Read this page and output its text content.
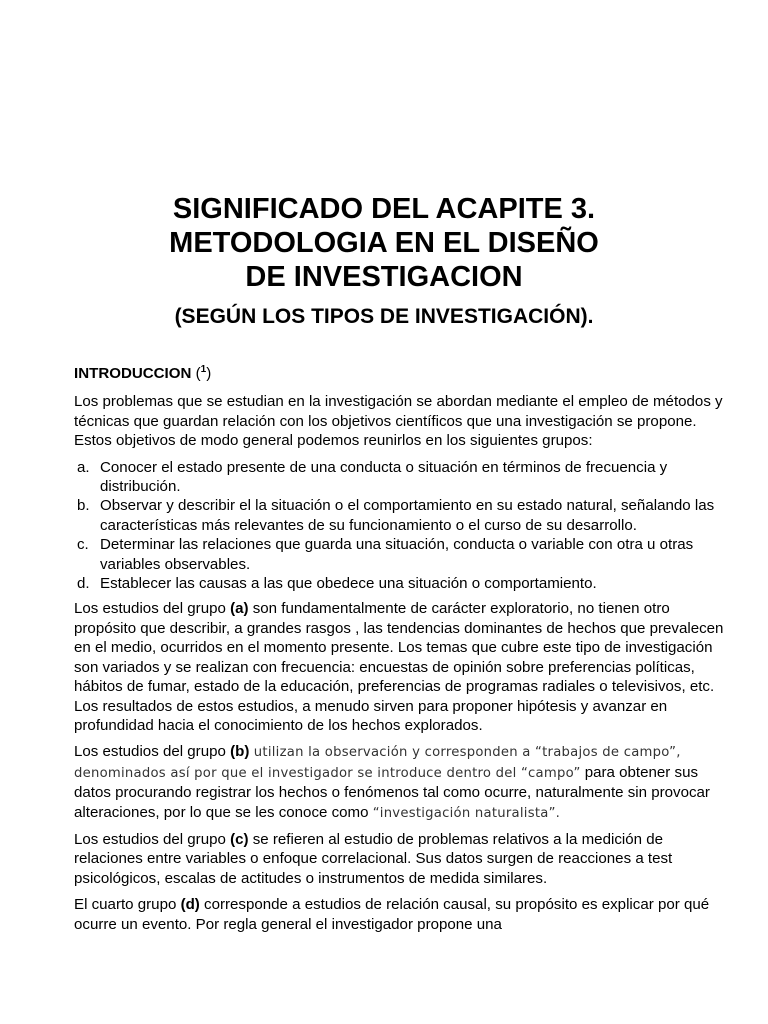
SIGNIFICADO DEL ACAPITE 3.
METODOLOGIA EN EL DISEÑO
DE INVESTIGACION
(SEGÚN LOS TIPOS DE INVESTIGACIÓN).
INTRODUCCION ($^1$)

Los problemas que se estudian en la investigación se abordan mediante el empleo de métodos y técnicas que guardan relación con los objetivos científicos que una investigación se propone. Estos objetivos de modo general podemos reunirlos en los siguientes grupos:

a. Conocer el estado presente de una conducta o situación en términos de frecuencia y distribución.
b. Observar y describir el la situación o el comportamiento en su estado natural, señalando las características más relevantes de su funcionamiento o el curso de su desarrollo.
c. Determinar las relaciones que guarda una situación, conducta o variable con otra u otras variables observables.
d. Establecer las causas a las que obedece una situación o comportamiento.

Los estudios del grupo (a) son fundamentalmente de carácter exploratorio, no tienen otro propósito que describir, a grandes rasgos , las tendencias dominantes de hechos que prevalecen en el medio, ocurridos en el momento presente. Los temas que cubre este tipo de investigación son variados y se realizan con frecuencia: encuestas de opinión sobre preferencias políticas, hábitos de fumar, estado de la educación, preferencias de programas radiales o televisivos, etc. Los resultados de estos estudios, a menudo sirven para proponer hipótesis y avanzar en profundidad hacia el conocimiento de los hechos explorados.

Los estudios del grupo (b) utilizan la observación y corresponden a “trabajos de campo”, denominados así por que el investigador se introduce dentro del “campo” para obtener sus datos procurando registrar los hechos o fenómenos tal como ocurre, naturalmente sin provocar alteraciones, por lo que se les conoce como “investigación naturalista”.

Los estudios del grupo (c) se refieren al estudio de problemas relativos a la medición de relaciones entre variables o enfoque correlacional. Sus datos surgen de reacciones a test psicológicos, escalas de actitudes o instrumentos de medida similares.

El cuarto grupo (d) corresponde a estudios de relación causal, su propósito es explicar por qué ocurre un evento. Por regla general el investigador propone una
